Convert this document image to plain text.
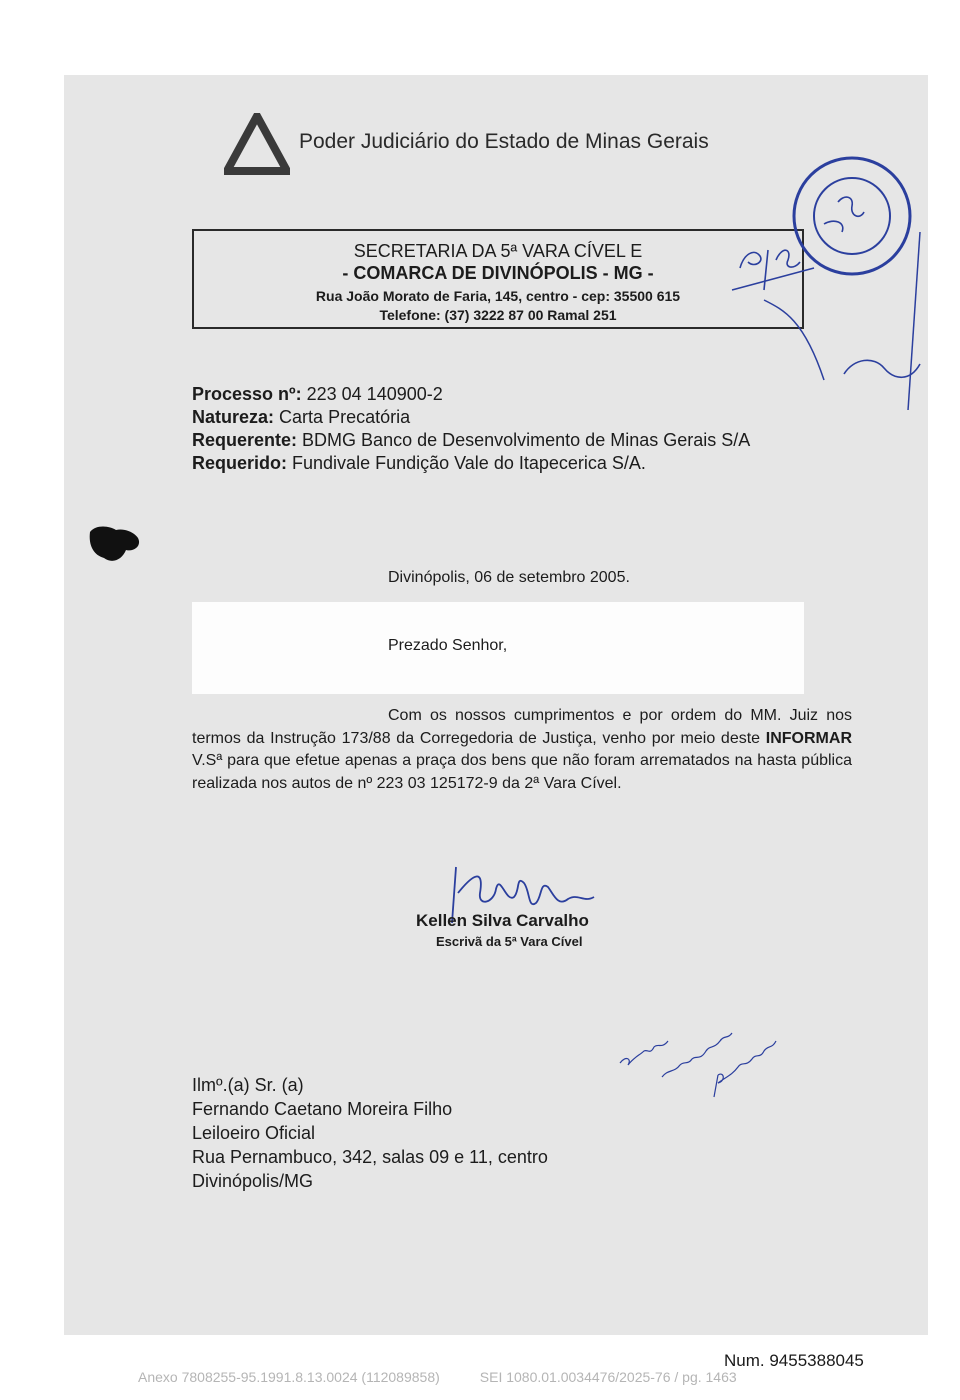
Poder Judiciário do Estado de Minas Gerais
SECRETARIA DA 5ª VARA CÍVEL E
- COMARCA DE DIVINÓPOLIS - MG -
Rua João Morato de Faria, 145, centro - cep: 35500 615
Telefone: (37) 3222 87 00 Ramal 251
Processo nº: 223 04 140900-2
Natureza: Carta Precatória
Requerente: BDMG Banco de Desenvolvimento de Minas Gerais S/A
Requerido: Fundivale Fundição Vale do Itapecerica S/A.
Divinópolis, 06 de setembro 2005.
Prezado Senhor,
Com os nossos cumprimentos e por ordem do MM. Juiz nos termos da Instrução 173/88 da Corregedoria de Justiça, venho por meio deste INFORMAR V.Sª para que efetue apenas a praça dos bens que não foram arrematados na hasta pública realizada nos autos de nº 223 03 125172-9 da 2ª Vara Cível.
Kellen Silva Carvalho
Escrivã da 5ª Vara Cível
Ilmº.(a) Sr. (a)
Fernando Caetano Moreira Filho
Leiloeiro Oficial
Rua Pernambuco, 342, salas 09 e 11, centro
Divinópolis/MG
Num. 9455388045
Anexo 7808255-95.1991.8.13.0024 (112089858)	SEI 1080.01.0034476/2025-76 / pg. 1463
